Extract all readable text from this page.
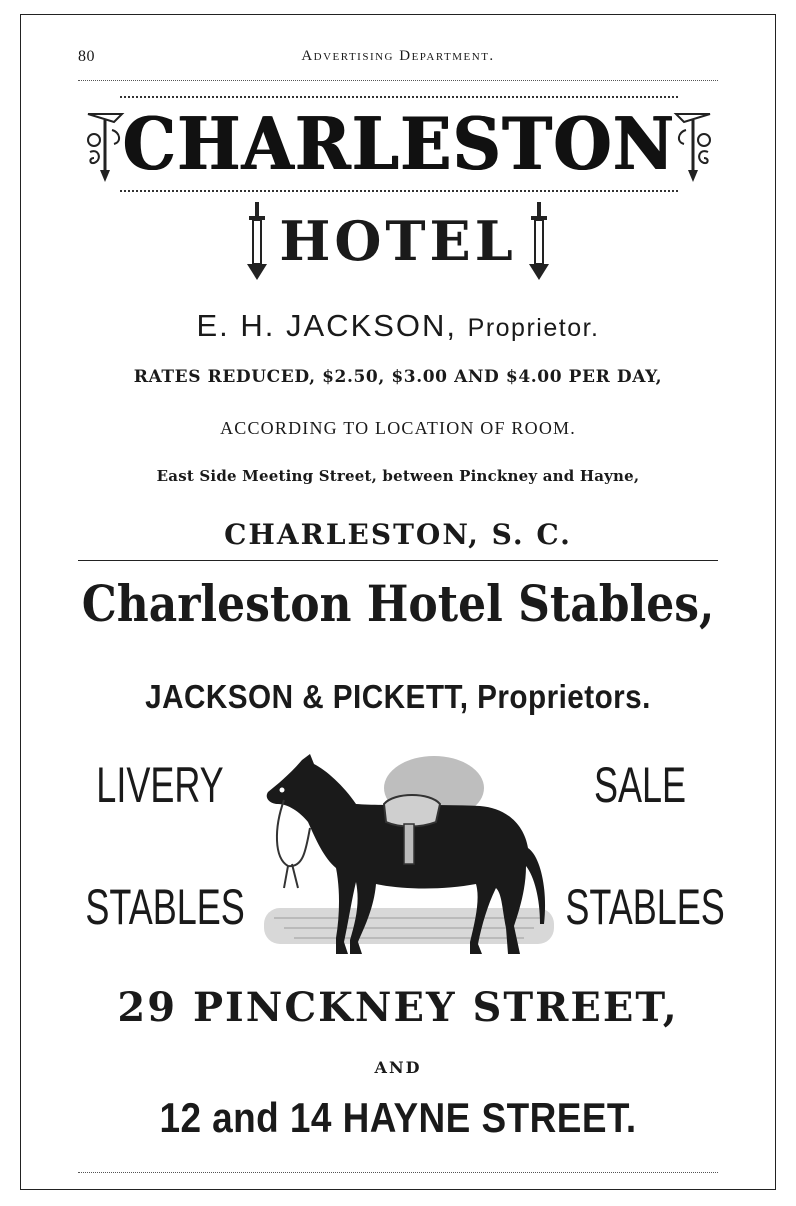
80	Advertising Department.
CHARLESTON
HOTEL
E. H. JACKSON, Proprietor.
RATES REDUCED, $2.50, $3.00 AND $4.00 PER DAY,
ACCORDING TO LOCATION OF ROOM.
East Side Meeting Street, between Pinckney and Hayne,
CHARLESTON, S. C.
Charleston Hotel Stables,
JACKSON & PICKETT, Proprietors.
LIVERY	SALE
STABLES	STABLES
29 PINCKNEY STREET,
AND
12 and 14 HAYNE STREET.
